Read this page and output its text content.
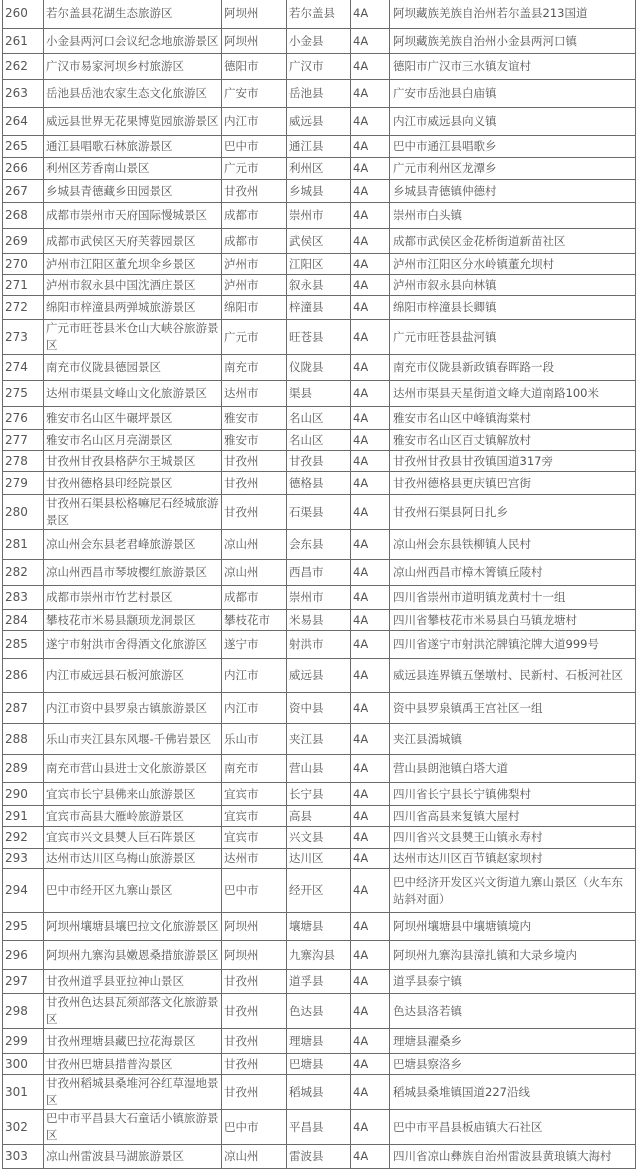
260	若尔盖县花湖生态旅游区	阿坝州	若尔盖县	4A	阿坝藏族羌族自治州若尔盖县213国道
261	小金县两河口会议纪念地旅游景区	阿坝州	小金县	4A	阿坝藏族羌族自治州小金县两河口镇
262	广汉市易家河坝乡村旅游区	德阳市	广汉市	4A	德阳市广汉市三水镇友谊村
263	岳池县岳池农家生态文化旅游区	广安市	岳池县	4A	广安市岳池县白庙镇
264	威远县世界无花果博览园旅游景区	内江市	威远县	4A	内江市威远县向义镇
265	通江县唱歌石林旅游景区	巴中市	通江县	4A	巴中市通江县唱歌乡
266	利州区芳香南山景区	广元市	利州区	4A	广元市利州区龙潭乡
267	乡城县青德藏乡田园景区	甘孜州	乡城县	4A	乡城县青德镇仲德村
268	成都市崇州市天府国际慢城景区	成都市	崇州市	4A	崇州市白头镇
269	成都市武侯区天府芙蓉园景区	成都市	武侯区	4A	成都市武侯区金花桥街道新苗社区
270	泸州市江阳区董允坝伞乡景区	泸州市	江阳区	4A	泸州市江阳区分水岭镇董允坝村
271	泸州市叙永县中国沈酒庄景区	泸州市	叙永县	4A	泸州市叙永县向林镇
272	绵阳市梓潼县两弹城旅游景区	绵阳市	梓潼县	4A	绵阳市梓潼县长卿镇
273	广元市旺苍县米仓山大峡谷旅游景区	广元市	旺苍县	4A	广元市旺苍县盐河镇
274	南充市仪陇县德园景区	南充市	仪陇县	4A	南充市仪陇县新政镇春晖路一段
275	达州市渠县文峰山文化旅游景区	达州市	渠县	4A	达州市渠县天星街道文峰大道南路100米
276	雅安市名山区牛碾坪景区	雅安市	名山区	4A	雅安市名山区中峰镇海棠村
277	雅安市名山区月亮湖景区	雅安市	名山区	4A	雅安市名山区百丈镇解放村
278	甘孜州甘孜县格萨尔王城景区	甘孜州	甘孜县	4A	甘孜州甘孜县甘孜镇国道317旁
279	甘孜州德格县印经院景区	甘孜州	德格县	4A	甘孜州德格县更庆镇巴宫街
280	甘孜州石渠县松格嘛尼石经城旅游景区	甘孜州	石渠县	4A	甘孜州石渠县阿日扎乡
281	凉山州会东县老君峰旅游景区	凉山州	会东县	4A	凉山州会东县铁柳镇人民村
282	凉山州西昌市琴坡樱红旅游景区	凉山州	西昌市	4A	凉山州西昌市樟木箐镇丘陵村
283	成都市崇州市竹艺村景区	成都市	崇州市	4A	四川省崇州市道明镇龙黄村十一组
284	攀枝花市米易县颛顼龙洞景区	攀枝花市	米易县	4A	四川省攀枝花市米易县白马镇龙塘村
285	遂宁市射洪市舍得酒文化旅游区	遂宁市	射洪市	4A	四川省遂宁市射洪沱牌镇沱牌大道999号
286	内江市威远县石板河旅游区	内江市	威远县	4A	威远县连界镇五堡墩村、民新村、石板河社区
287	内江市资中县罗泉古镇旅游景区	内江市	资中县	4A	资中县罗泉镇禹王宫社区一组
288	乐山市夹江县东风堰-千佛岩景区	乐山市	夹江县	4A	夹江县漹城镇
289	南充市营山县进士文化旅游景区	南充市	营山县	4A	营山县朗池镇白塔大道
290	宜宾市长宁县佛来山旅游景区	宜宾市	长宁县	4A	四川省长宁县长宁镇佛梨村
291	宜宾市高县大雁岭旅游景区	宜宾市	高县	4A	四川省高县来复镇大屋村
292	宜宾市兴文县僰人巨石阵景区	宜宾市	兴文县	4A	四川省兴文县僰王山镇永寿村
293	达州市达川区乌梅山旅游景区	达州市	达川区	4A	达州市达川区百节镇赵家坝村
294	巴中市经开区九寨山景区	巴中市	经开区	4A	巴中经济开发区兴文街道九寨山景区（火车东站斜对面）
295	阿坝州壤塘县壤巴拉文化旅游景区	阿坝州	壤塘县	4A	阿坝州壤塘县中壤塘镇境内
296	阿坝州九寨沟县嫩恩桑措旅游景区	阿坝州	九寨沟县	4A	阿坝州九寨沟县漳扎镇和大录乡境内
297	甘孜州道孚县亚拉神山景区	甘孜州	道孚县	4A	道孚县泰宁镇
298	甘孜州色达县瓦须部落文化旅游景区	甘孜州	色达县	4A	色达县洛若镇
299	甘孜州理塘县藏巴拉花海景区	甘孜州	理塘县	4A	理塘县濯桑乡
300	甘孜州巴塘县措普沟景区	甘孜州	巴塘县	4A	巴塘县察洛乡
301	甘孜州稻城县桑堆河谷红草湿地景区	甘孜州	稻城县	4A	稻城县桑堆镇国道227沿线
302	巴中市平昌县大石童话小镇旅游景区	巴中市	平昌县	4A	巴中市平昌县板庙镇大石社区
303	凉山州雷波县马湖旅游景区	凉山州	雷波县	4A	四川省凉山彝族自治州雷波县黄琅镇大海村
